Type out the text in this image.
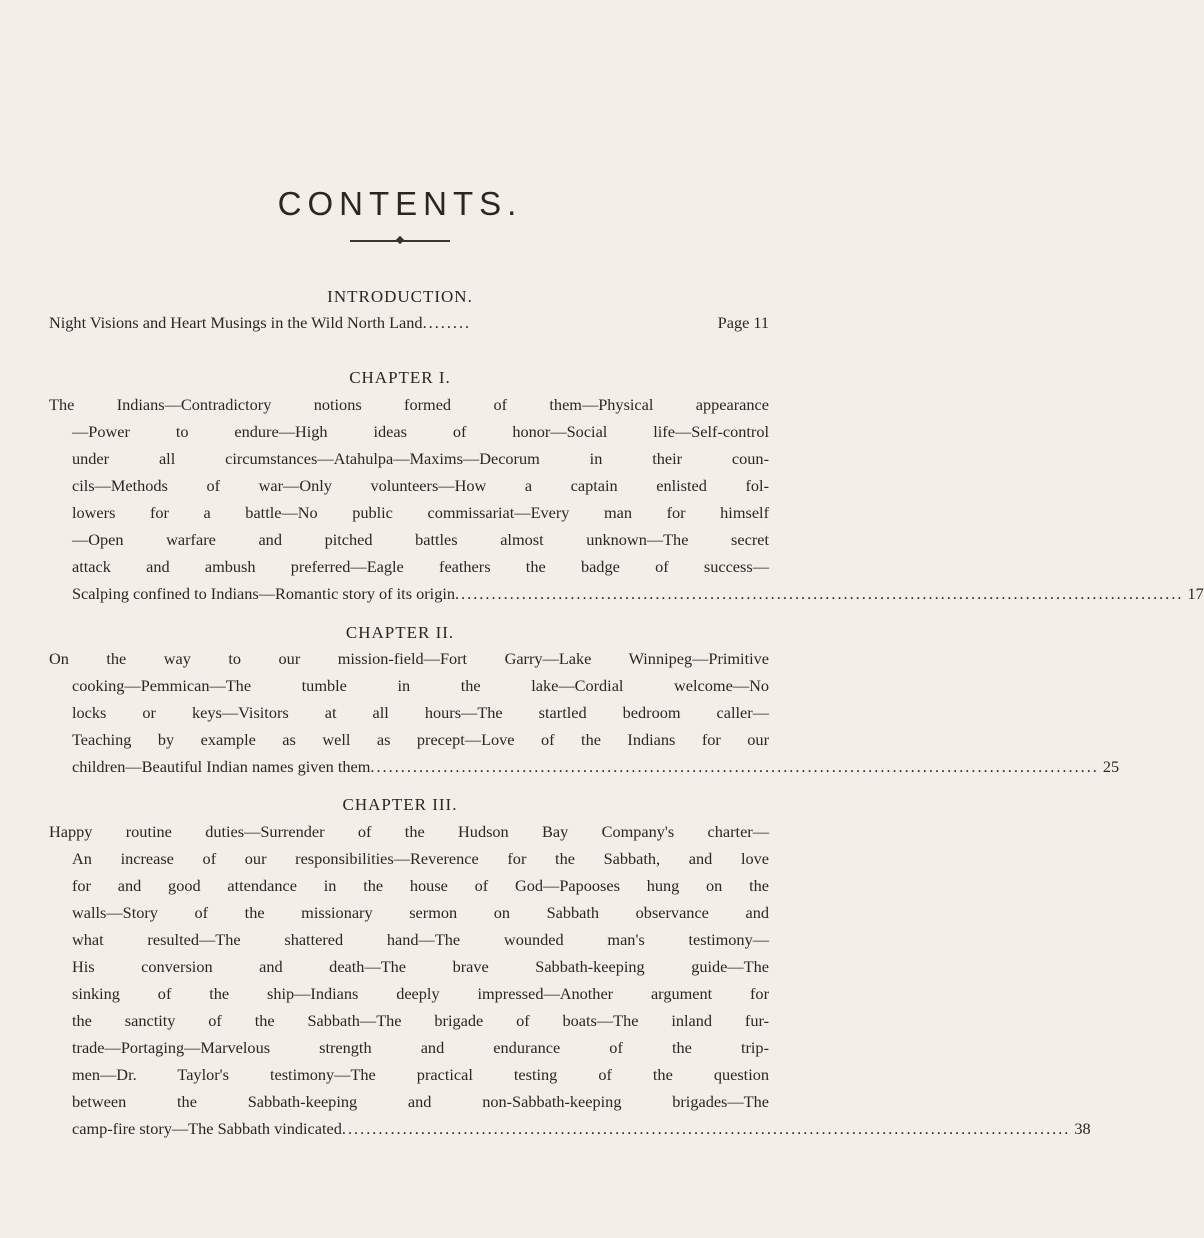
CONTENTS.
INTRODUCTION.
Night Visions and Heart Musings in the Wild North Land ........	Page 11
CHAPTER I.
The Indians—Contradictory notions formed of them—Physical appearance
—Power to endure—High ideas of honor—Social life—Self-control
under all circumstances—Atahulpa—Maxims—Decorum in their coun-
cils—Methods of war—Only volunteers—How a captain enlisted fol-
lowers for a battle—No public commissariat—Every man for himself
—Open warfare and pitched battles almost unknown—The secret
attack and ambush preferred—Eagle feathers the badge of success—
Scalping confined to Indians—Romantic story of its origin ........................................................................................................................ 17
CHAPTER II.
On the way to our mission-field—Fort Garry—Lake Winnipeg—Primitive
cooking—Pemmican—The tumble in the lake—Cordial welcome—No
locks or keys—Visitors at all hours—The startled bedroom caller—
Teaching by example as well as precept—Love of the Indians for our
children—Beautiful Indian names given them ........................................................................................................................ 25
CHAPTER III.
Happy routine duties—Surrender of the Hudson Bay Company's charter—
An increase of our responsibilities—Reverence for the Sabbath, and love
for and good attendance in the house of God—Papooses hung on the
walls—Story of the missionary sermon on Sabbath observance and
what resulted—The shattered hand—The wounded man's testimony—
His conversion and death—The brave Sabbath-keeping guide—The
sinking of the ship—Indians deeply impressed—Another argument for
the sanctity of the Sabbath—The brigade of boats—The inland fur-
trade—Portaging—Marvelous strength and endurance of the trip-
men—Dr. Taylor's testimony—The practical testing of the question
between the Sabbath-keeping and non-Sabbath-keeping brigades—The
camp-fire story—The Sabbath vindicated ........................................................................................................................ 38
